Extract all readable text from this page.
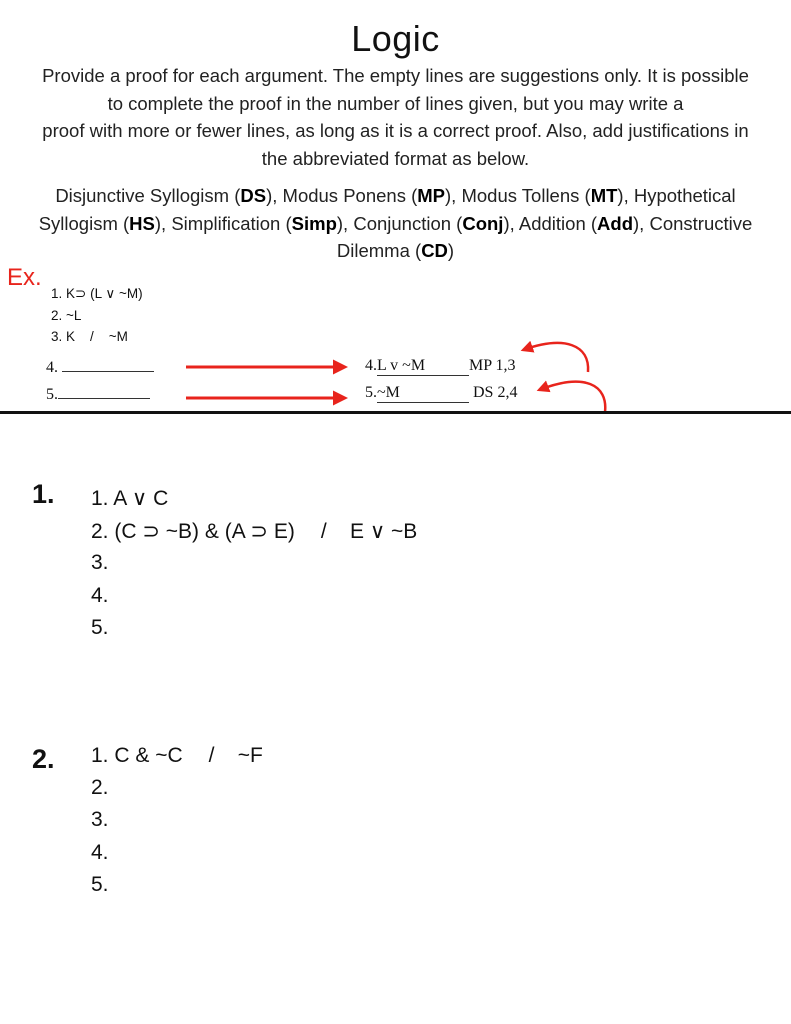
Logic
Provide a proof for each argument. The empty lines are suggestions only. It is possible
to complete the proof in the number of lines given, but you may write a
proof with more or fewer lines, as long as it is a correct proof. Also, add justifications in
the abbreviated format as below.
Disjunctive Syllogism (DS), Modus Ponens (MP), Modus Tollens (MT), Hypothetical
Syllogism (HS), Simplification (Simp), Conjunction (Conj), Addition (Add), Constructive
Dilemma (CD)
Ex.
1. K⊃ (L ∨ ~M)
2. ~L
3. K    /    ~M
4.
5.
4.L v ~M	MP 1,3
5.~M	DS 2,4
1. 1. A ∨ C
2. (C ⊃ ~B) & (A ⊃ E) /    E ∨ ~B
3.
4.
5.
2. 1. C & ~C /    ~F
2.
3.
4.
5.
